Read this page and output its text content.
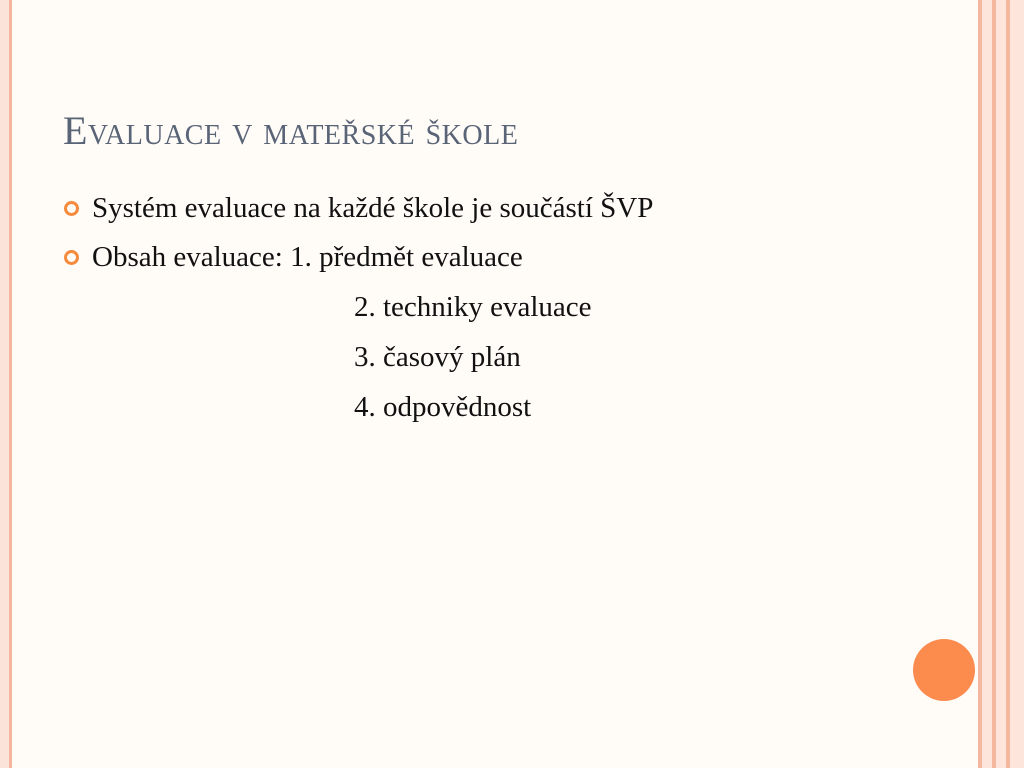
Evaluace v mateřské škole
Systém evaluace na každé škole je součástí ŠVP
Obsah evaluace: 1. předmět evaluace
2. techniky evaluace
3. časový plán
4. odpovědnost
